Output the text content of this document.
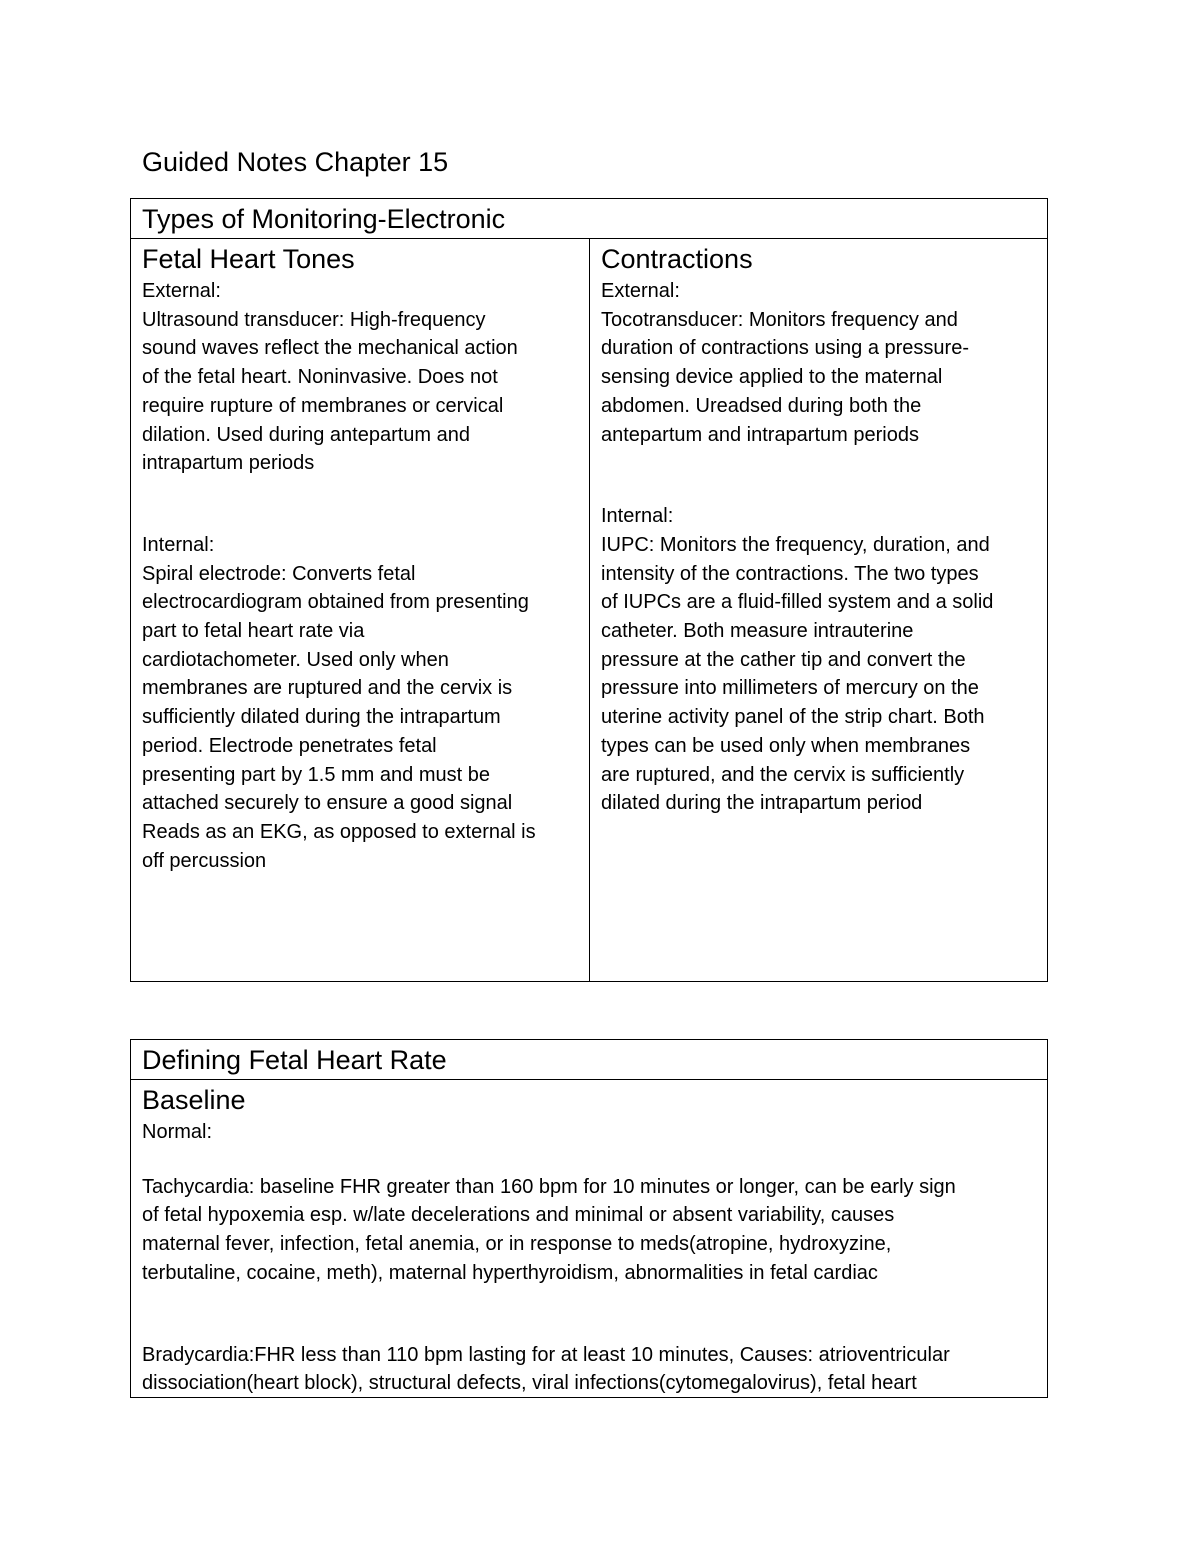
Guided Notes Chapter 15
Types of Monitoring-Electronic
Fetal Heart Tones

External:

Ultrasound transducer: High-frequency

sound waves reflect the mechanical action

of the fetal heart. Noninvasive. Does not

require rupture of membranes or cervical

dilation. Used during antepartum and

intrapartum periods

Internal:

Spiral electrode: Converts fetal

electrocardiogram obtained from presenting

part to fetal heart rate via

cardiotachometer. Used only when

membranes are ruptured and the cervix is

sufficiently dilated during the intrapartum

period. Electrode penetrates fetal

presenting part by 1.5 mm and must be

attached securely to ensure a good signal

Reads as an EKG, as opposed to external is

off percussion

Contractions

External:

Tocotransducer: Monitors frequency and

duration of contractions using a pressure-

sensing device applied to the maternal

abdomen. Ureadsed during both the

antepartum and intrapartum periods

Internal:

IUPC: Monitors the frequency, duration, and

intensity of the contractions. The two types

of IUPCs are a fluid-filled system and a solid

catheter. Both measure intrauterine

pressure at the cather tip and convert the

pressure into millimeters of mercury on the

uterine activity panel of the strip chart. Both

types can be used only when membranes

are ruptured, and the cervix is sufficiently

dilated during the intrapartum period

Defining Fetal Heart Rate
Baseline

Normal:

Tachycardia: baseline FHR greater than 160 bpm for 10 minutes or longer, can be early sign

of fetal hypoxemia esp. w/late decelerations and minimal or absent variability, causes

maternal fever, infection, fetal anemia, or in response to meds(atropine, hydroxyzine,

terbutaline, cocaine, meth), maternal hyperthyroidism, abnormalities in fetal cardiac

Bradycardia:FHR less than 110 bpm lasting for at least 10 minutes, Causes: atrioventricular

dissociation(heart block), structural defects, viral infections(cytomegalovirus), fetal heart
